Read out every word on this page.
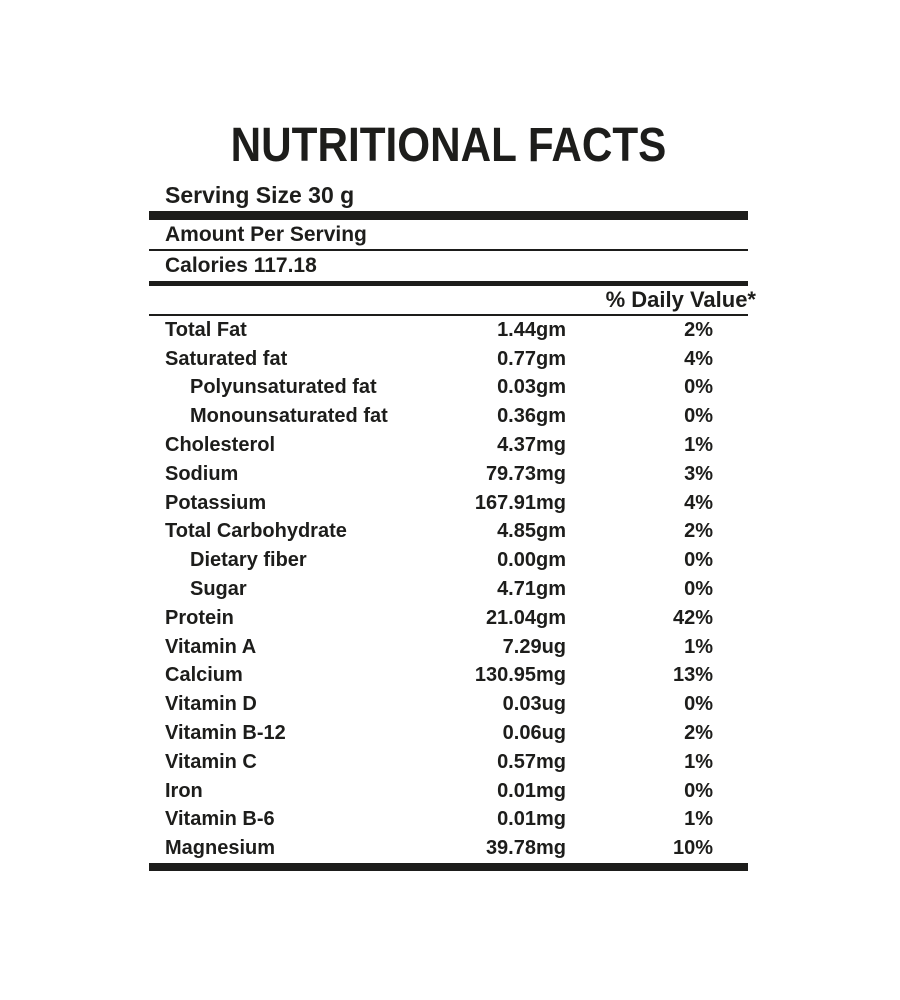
NUTRITIONAL FACTS
Serving Size 30 g
Amount Per Serving
Calories 117.18
% Daily Value*
Total Fat	1.44gm	2%
Saturated fat	0.77gm	4%
Polyunsaturated fat	0.03gm	0%
Monounsaturated fat	0.36gm	0%
Cholesterol	4.37mg	1%
Sodium	79.73mg	3%
Potassium	167.91mg	4%
Total Carbohydrate	4.85gm	2%
Dietary fiber	0.00gm	0%
Sugar	4.71gm	0%
Protein	21.04gm	42%
Vitamin A	7.29ug	1%
Calcium	130.95mg	13%
Vitamin D	0.03ug	0%
Vitamin B-12	0.06ug	2%
Vitamin C	0.57mg	1%
Iron	0.01mg	0%
Vitamin B-6	0.01mg	1%
Magnesium	39.78mg	10%
